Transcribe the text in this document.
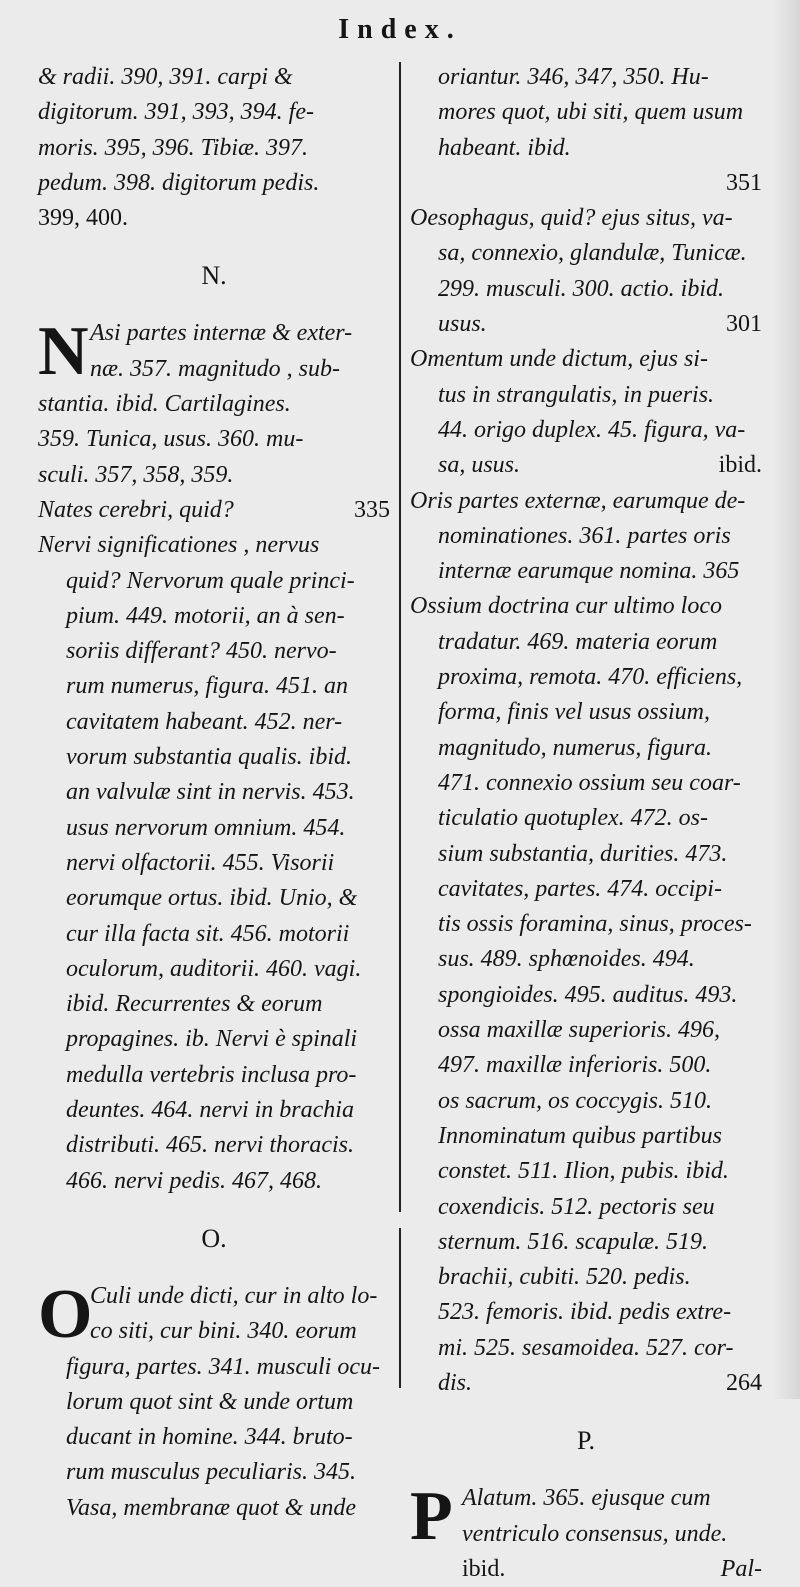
Index.
& radii. 390, 391. carpi &
digitorum. 391, 393, 394. fe-
moris. 395, 396. Tibiæ. 397.
pedum. 398. digitorum pedis.
399, 400.
N.
N Asi partes internæ & exter-
næ. 357. magnitudo , sub-
stantia. ibid. Cartilagines.
359. Tunica, usus. 360. mu-
sculi. 357, 358, 359.
Nates cerebri, quid?	335
Nervi significationes , nervus
quid? Nervorum quale princi-
pium. 449. motorii, an à sen-
soriis differant? 450. nervo-
rum numerus, figura. 451. an
cavitatem habeant. 452. ner-
vorum substantia qualis. ibid.
an valvulæ sint in nervis. 453.
usus nervorum omnium. 454.
nervi olfactorii. 455. Visorii
eorumque ortus. ibid. Unio, &
cur illa facta sit. 456. motorii
oculorum, auditorii. 460. vagi.
ibid. Recurrentes & eorum
propagines. ib. Nervi è spinali
medulla vertebris inclusa pro-
deuntes. 464. nervi in brachia
distributi. 465. nervi thoracis.
466. nervi pedis. 467, 468.
O.
O
Culi unde dicti, cur in alto lo-
co siti, cur bini. 340. eorum
figura, partes. 341. musculi ocu-
lorum quot sint & unde ortum
ducant in homine. 344. bruto-
rum musculus peculiaris. 345.
Vasa, membranæ quot & unde
oriantur. 346, 347, 350. Hu-
mores quot, ubi siti, quem usum
habeant. ibid.
351
Oesophagus, quid? ejus situs, va-
sa, connexio, glandulæ, Tunicæ.
299. musculi. 300. actio. ibid.
usus.	301
Omentum unde dictum, ejus si-
tus in strangulatis, in pueris.
44. origo duplex. 45. figura, va-
sa, usus.	ibid.
Oris partes externæ, earumque de-
nominationes. 361. partes oris
internæ earumque nomina. 365
Ossium doctrina cur ultimo loco
tradatur. 469. materia eorum
proxima, remota. 470. efficiens,
forma, finis vel usus ossium,
magnitudo, numerus, figura.
471. connexio ossium seu coar-
ticulatio quotuplex. 472. os-
sium substantia, durities. 473.
cavitates, partes. 474. occipi-
tis ossis foramina, sinus, proces-
sus. 489. sphœnoides. 494.
spongioides. 495. auditus. 493.
ossa maxillæ superioris. 496,
497. maxillæ inferioris. 500.
os sacrum, os coccygis. 510.
Innominatum quibus partibus
constet. 511. Ilion, pubis. ibid.
coxendicis. 512. pectoris seu
sternum. 516. scapulæ. 519.
brachii, cubiti. 520. pedis.
523. femoris. ibid. pedis extre-
mi. 525. sesamoidea. 527. cor-
dis.	264
P.
P Alatum. 365. ejusque cum
ventriculo consensus, unde.
ibid.	Pal-
